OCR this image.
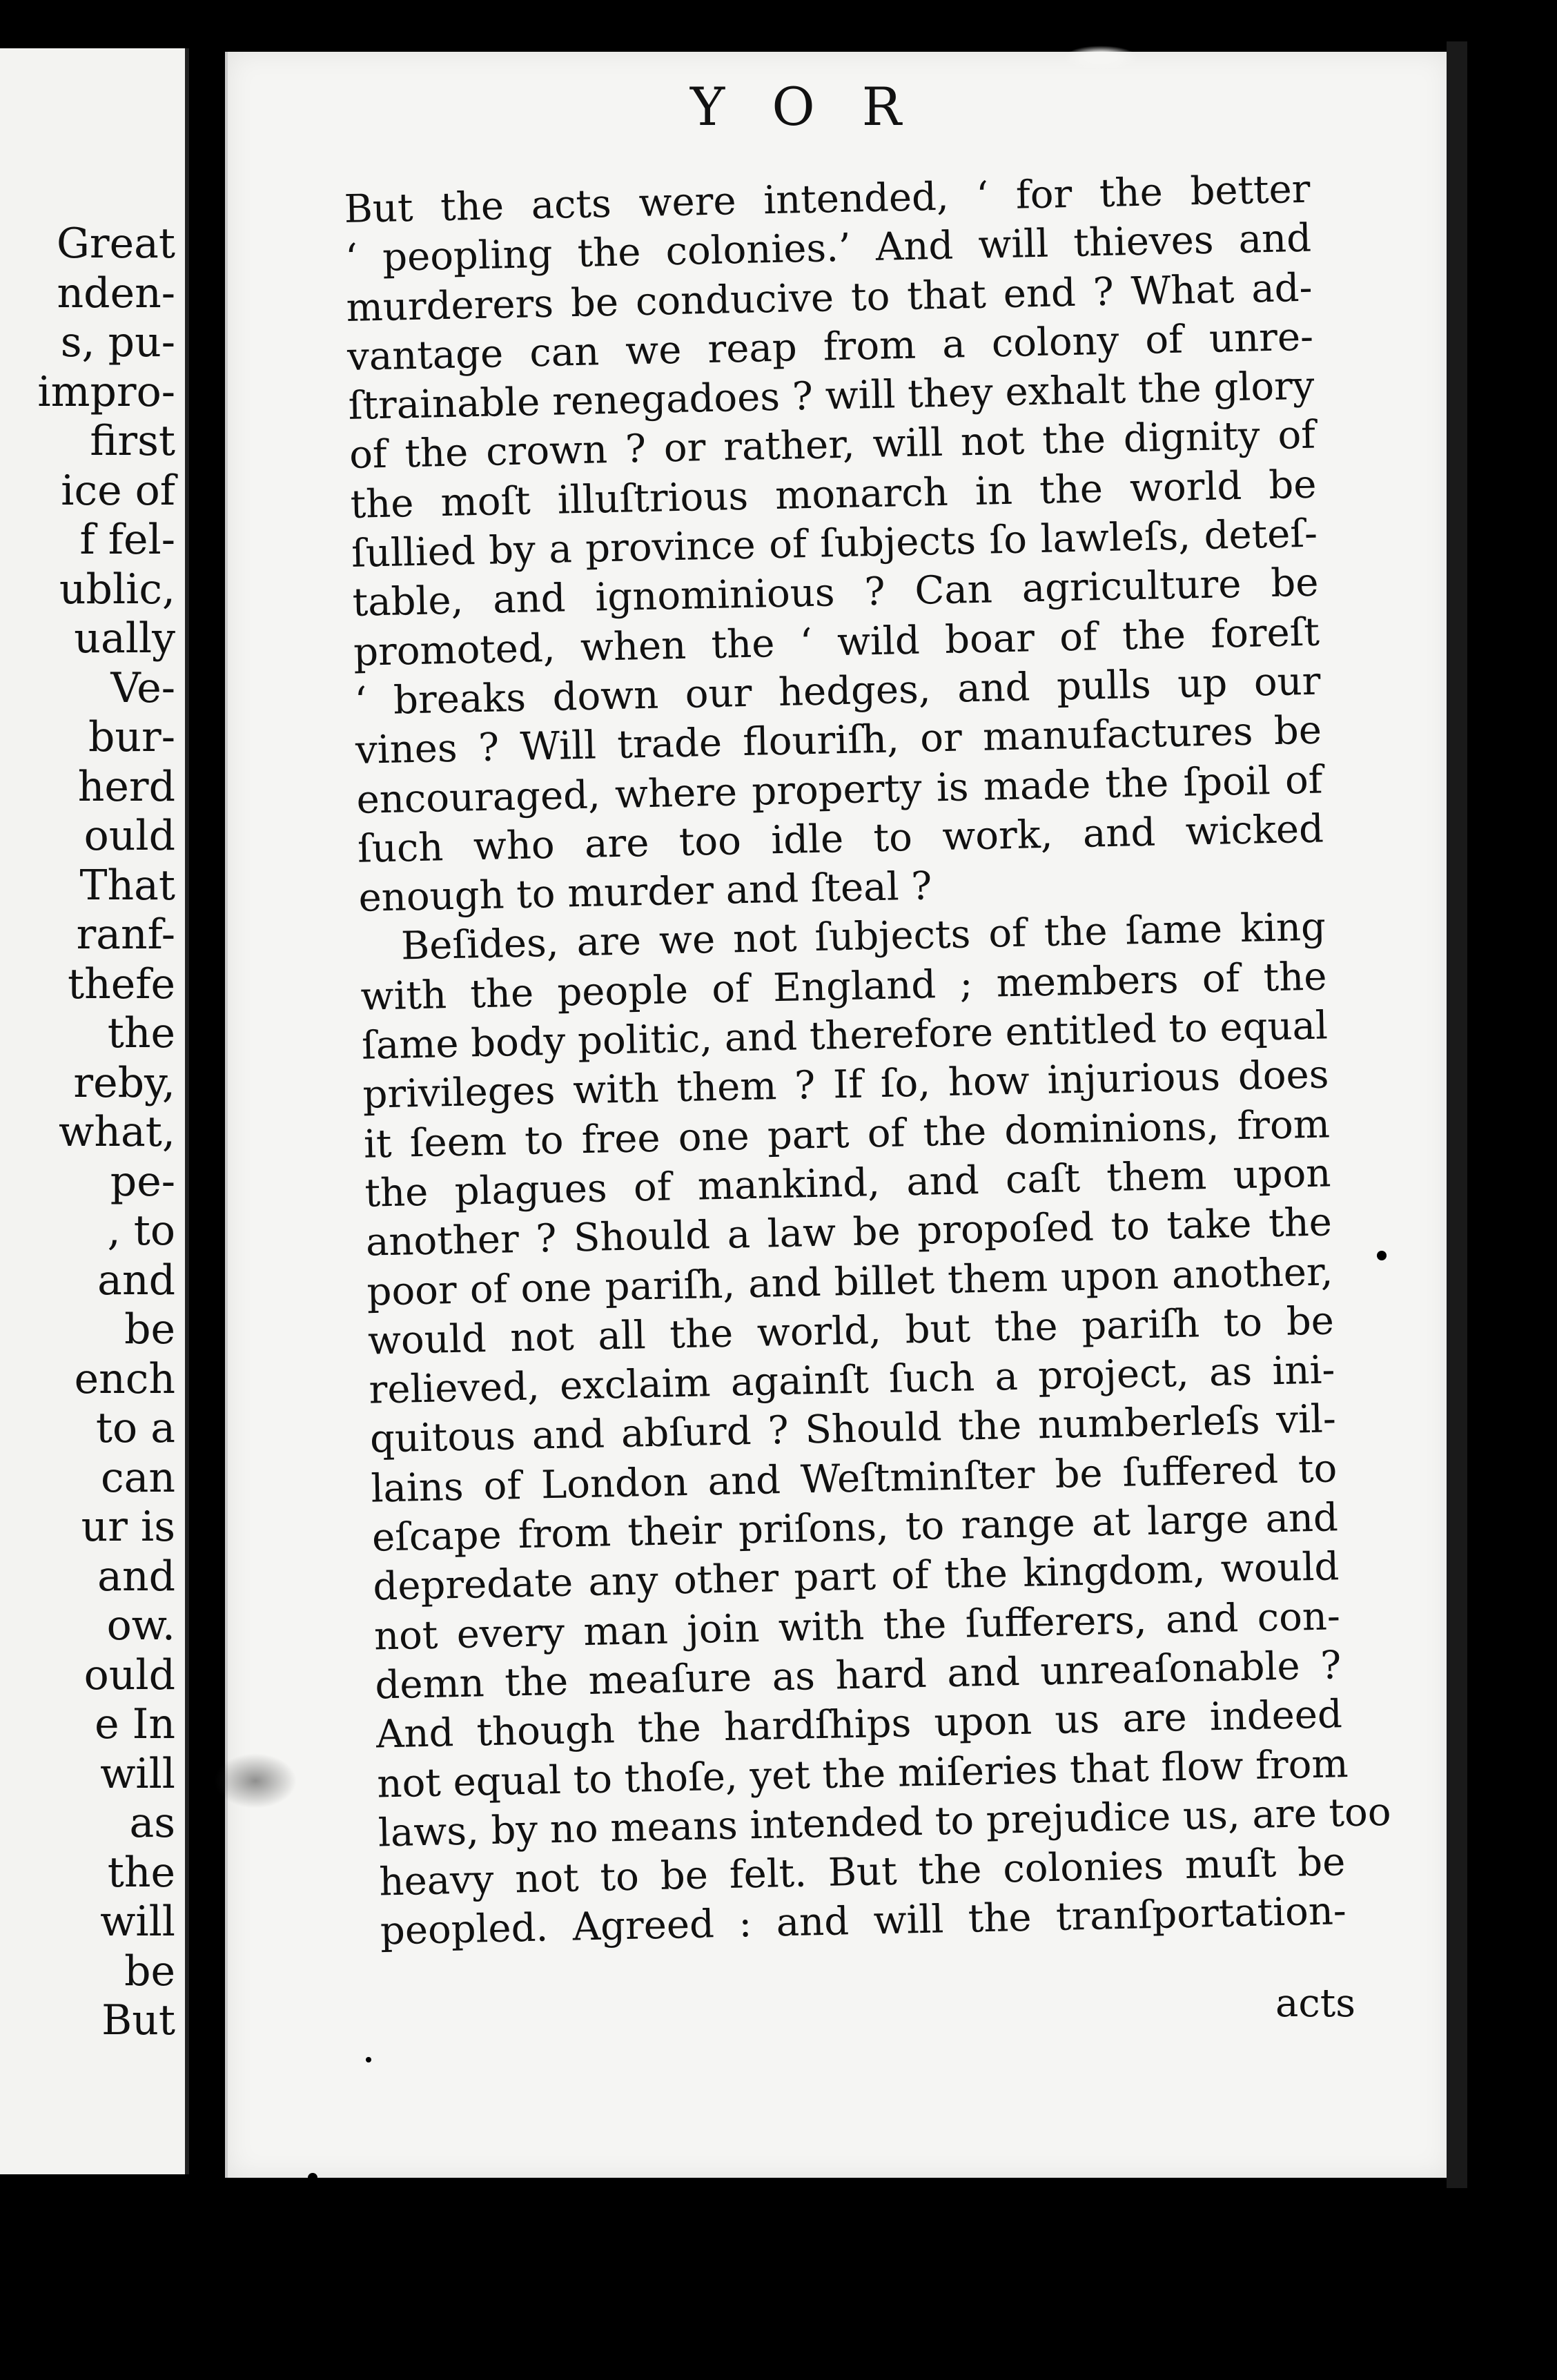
Great
nden-
s, pu-
impro-
first
ice of
f fel-
ublic,
ually
Ve-
bur-
herd
ould
That
ranf-
thefe
the
reby,
what,
pe-
, to
and
be
ench
to a
can
ur is
and
ow.
ould
e In
will
as
the
will
be
But
Y O R
But the acts were intended, ‘ for the better
‘ peopling the colonies.’ And will thieves and
murderers be conducive to that end ? What ad-
vantage can we reap from a colony of unre-
ſtrainable renegadoes ? will they exhalt the glory
of the crown ? or rather, will not the dignity of
the moſt illuſtrious monarch in the world be
ſullied by a province of ſubjects ſo lawleſs, deteſ-
table, and ignominious ? Can agriculture be
promoted, when the ‘ wild boar of the foreſt
‘ breaks down our hedges, and pulls up our
vines ? Will trade flouriſh, or manufactures be
encouraged, where property is made the ſpoil of
ſuch who are too idle to work, and wicked
enough to murder and ſteal ?
Beſides, are we not ſubjects of the ſame king
with the people of England ; members of the
ſame body politic, and therefore entitled to equal
privileges with them ? If ſo, how injurious does
it ſeem to free one part of the dominions, from
the plagues of mankind, and caſt them upon
another ? Should a law be propoſed to take the
poor of one pariſh, and billet them upon another,
would not all the world, but the pariſh to be
relieved, exclaim againſt ſuch a project, as ini-
quitous and abſurd ? Should the numberleſs vil-
lains of London and Weſtminſter be ſuffered to
eſcape from their priſons, to range at large and
depredate any other part of the kingdom, would
not every man join with the ſufferers, and con-
demn the meaſure as hard and unreaſonable ?
And though the hardſhips upon us are indeed
not equal to thoſe, yet the miſeries that flow from
laws, by no means intended to prejudice us, are too
heavy not to be felt. But the colonies muſt be
peopled. Agreed : and will the tranſportation-
acts
